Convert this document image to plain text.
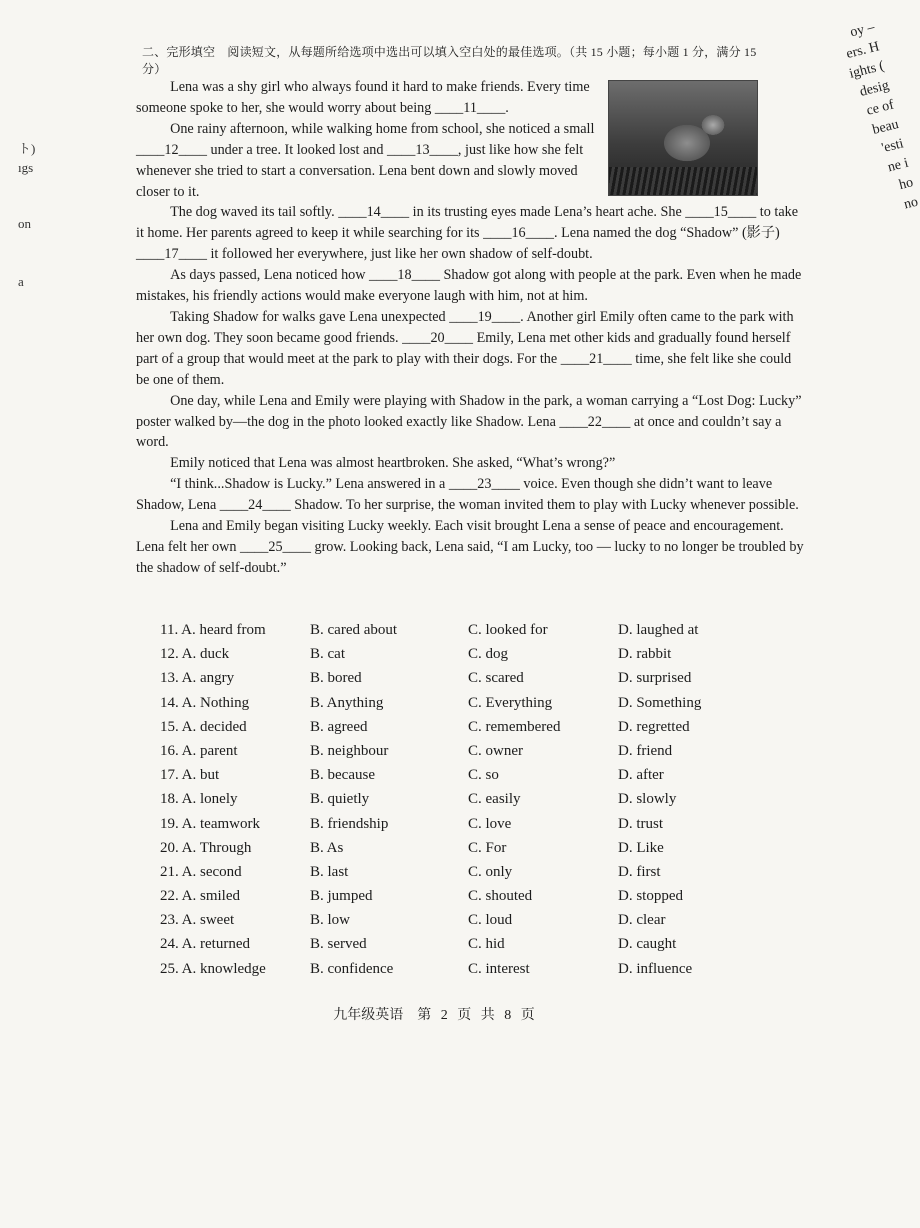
ト)
ıgs
on
a
oy –
ers. H
ights (
desig
ce of
beau
'esti
ne i
ho
no
二、完形填空　阅读短文，从每题所给选项中选出可以填入空白处的最佳选项。（共 15 小题；每小题 1 分，满分 15 分）

Lena was a shy girl who always found it hard to make friends. Every time someone spoke to her, she would worry about being ____11____.

One rainy afternoon, while walking home from school, she noticed a small ____12____ under a tree. It looked lost and ____13____, just like how she felt whenever she tried to start a conversation. Lena bent down and slowly moved closer to it.

The dog waved its tail softly. ____14____ in its trusting eyes made Lena’s heart ache. She ____15____ to take it home. Her parents agreed to keep it while searching for its ____16____. Lena named the dog “Shadow” (影子) ____17____ it followed her everywhere, just like her own shadow of self-doubt.

As days passed, Lena noticed how ____18____ Shadow got along with people at the park. Even when he made mistakes, his friendly actions would make everyone laugh with him, not at him.

Taking Shadow for walks gave Lena unexpected ____19____. Another girl Emily often came to the park with her own dog. They soon became good friends. ____20____ Emily, Lena met other kids and gradually found herself part of a group that would meet at the park to play with their dogs. For the ____21____ time, she felt like she could be one of them.

One day, while Lena and Emily were playing with Shadow in the park, a woman carrying a “Lost Dog: Lucky” poster walked by—the dog in the photo looked exactly like Shadow. Lena ____22____ at once and couldn’t say a word.

Emily noticed that Lena was almost heartbroken. She asked, “What’s wrong?”

“I think...Shadow is Lucky.” Lena answered in a ____23____ voice. Even though she didn’t want to leave Shadow, Lena ____24____ Shadow. To her surprise, the woman invited them to play with Lucky whenever possible.

Lena and Emily began visiting Lucky weekly. Each visit brought Lena a sense of peace and encouragement. Lena felt her own ____25____ grow. Looking back, Lena said, “I am Lucky, too — lucky to no longer be troubled by the shadow of self-doubt.”

11. A. heard from	B. cared about	C. looked for	D. laughed at
12. A. duck	B. cat	C. dog	D. rabbit
13. A. angry	B. bored	C. scared	D. surprised
14. A. Nothing	B. Anything	C. Everything	D. Something
15. A. decided	B. agreed	C. remembered	D. regretted
16. A. parent	B. neighbour	C. owner	D. friend
17. A. but	B. because	C. so	D. after
18. A. lonely	B. quietly	C. easily	D. slowly
19. A. teamwork	B. friendship	C. love	D. trust
20. A. Through	B. As	C. For	D. Like
21. A. second	B. last	C. only	D. first
22. A. smiled	B. jumped	C. shouted	D. stopped
23. A. sweet	B. low	C. loud	D. clear
24. A. returned	B. served	C. hid	D. caught
25. A. knowledge	B. confidence	C. interest	D. influence
九年级英语　第 2 页 共 8 页
